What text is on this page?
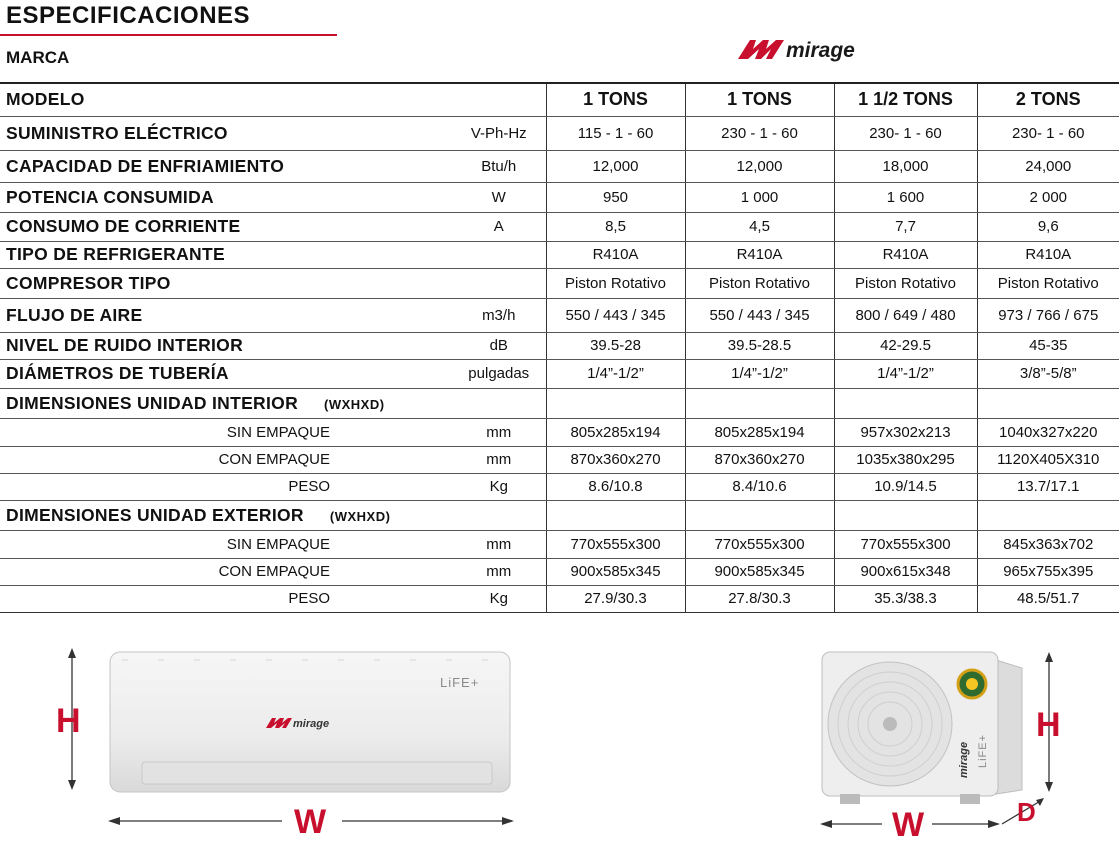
ESPECIFICACIONES
MARCA	mirage
MODELO		1 TONS	1 TONS	1 1/2 TONS	2 TONS
SUMINISTRO ELÉCTRICO	V-Ph-Hz	115 - 1 - 60	230 - 1 - 60	230- 1 - 60	230- 1 - 60
CAPACIDAD DE ENFRIAMIENTO	Btu/h	12,000	12,000	18,000	24,000
POTENCIA CONSUMIDA	W	950	1 000	1 600	2 000
CONSUMO DE CORRIENTE	A	8,5	4,5	7,7	9,6
TIPO DE REFRIGERANTE		R410A	R410A	R410A	R410A
COMPRESOR TIPO		Piston Rotativo	Piston Rotativo	Piston Rotativo	Piston Rotativo
FLUJO DE AIRE	m3/h	550 / 443 / 345	550 / 443 / 345	800 / 649 / 480	973 / 766 / 675
NIVEL DE RUIDO INTERIOR	dB	39.5-28	39.5-28.5	42-29.5	45-35
DIÁMETROS DE TUBERÍA	pulgadas	1/4”-1/2”	1/4”-1/2”	1/4”-1/2”	3/8”-5/8”
DIMENSIONES UNIDAD INTERIOR (WXHXD)					
SIN EMPAQUE	mm	805x285x194	805x285x194	957x302x213	1040x327x220
CON EMPAQUE	mm	870x360x270	870x360x270	1035x380x295	1120X405X310
PESO	Kg	8.6/10.8	8.4/10.6	10.9/14.5	13.7/17.1
DIMENSIONES UNIDAD EXTERIOR (WXHXD)					
SIN EMPAQUE	mm	770x555x300	770x555x300	770x555x300	845x363x702
CON EMPAQUE	mm	900x585x345	900x585x345	900x615x348	965x755x395
PESO	Kg	27.9/30.3	27.8/30.3	35.3/38.3	48.5/51.7
LiFE+
mirage
H
W
mirage LiFE+
H
W	D
